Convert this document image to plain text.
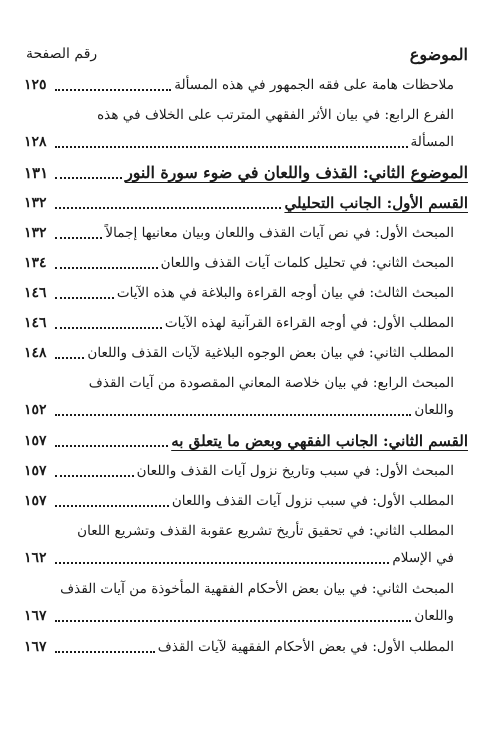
الموضوع
رقم الصفحة
ملاحظات هامة على فقه الجمهور في هذه المسألة
١٢٥
الفرع الرابع: في بيان الأثر الفقهي المترتب على الخلاف في هذه
المسألة
١٢٨
الموضوع الثاني: القذف واللعان في ضوء سورة النور
١٣١
القسم الأول: الجانب التحليلي
١٣٢
المبحث الأول: في نص آيات القذف واللعان وبيان معانيها إجمالاً
١٣٢
المبحث الثاني: في تحليل كلمات آيات القذف واللعان
١٣٤
المبحث الثالث: في بيان أوجه القراءة والبلاغة في هذه الآيات
١٤٦
المطلب الأول: في أوجه القراءة القرآنية لهذه الآيات
١٤٦
المطلب الثاني: في بيان بعض الوجوه البلاغية لآيات القذف واللعان
١٤٨
المبحث الرابع: في بيان خلاصة المعاني المقصودة من آيات القذف
واللعان
١٥٢
القسم الثاني: الجانب الفقهي وبعض ما يتعلق به
١٥٧
المبحث الأول: في سبب وتاريخ نزول آيات القذف واللعان
١٥٧
المطلب الأول: في سبب نزول آيات القذف واللعان
١٥٧
المطلب الثاني: في تحقيق تأريخ تشريع عقوبة القذف وتشريع اللعان
في الإسلام
١٦٢
المبحث الثاني: في بيان بعض الأحكام الفقهية المأخوذة من آيات القذف
واللعان
١٦٧
المطلب الأول: في بعض الأحكام الفقهية لآيات القذف
١٦٧
